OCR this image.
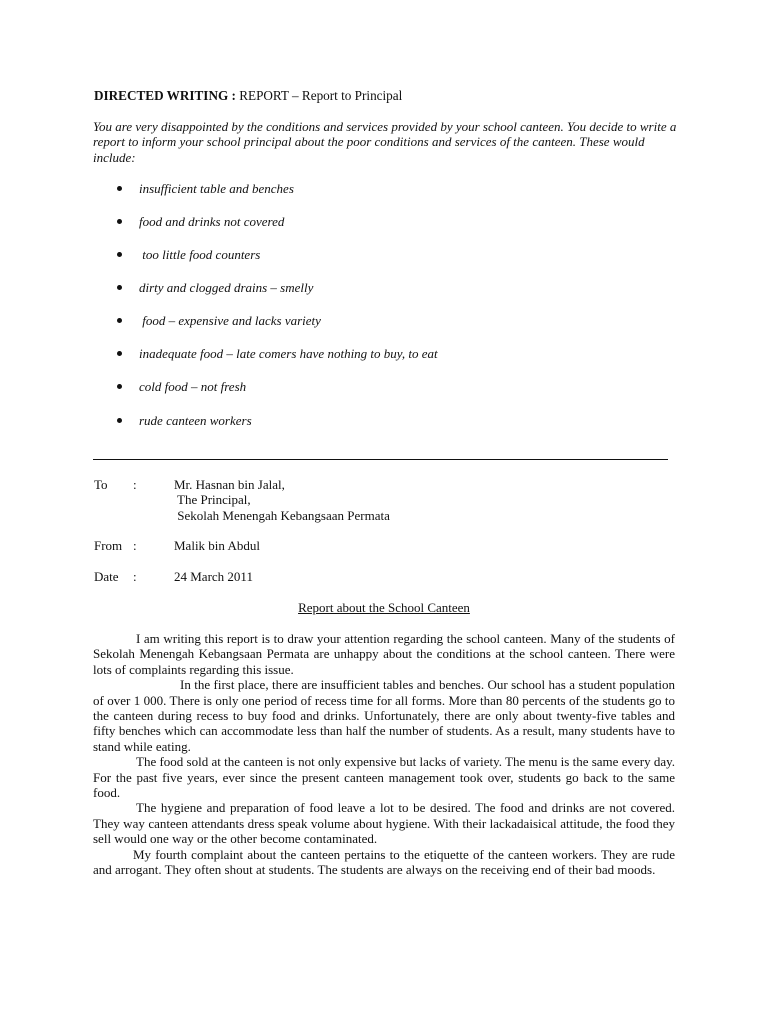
DIRECTED WRITING : REPORT – Report to Principal
You are very disappointed by the conditions and services provided by your school canteen. You decide to write a report to inform your school principal about the poor conditions and services of the canteen. These would include:
insufficient table and benches
food and drinks not covered
too little food counters
dirty and clogged drains – smelly
food – expensive and lacks variety
inadequate food – late comers have nothing to buy, to eat
cold food – not fresh
rude canteen workers
To :	Mr. Hasnan bin Jalal,
The Principal,
Sekolah Menengah Kebangsaan Permata
From :	Malik bin Abdul
Date :	24 March 2011
Report about the School Canteen

I am writing this report is to draw your attention regarding the school canteen. Many of the students of Sekolah Menengah Kebangsaan Permata are unhappy about the conditions at the school canteen. There were lots of complaints regarding this issue.

In the first place, there are insufficient tables and benches. Our school has a student population of over 1 000. There is only one period of recess time for all forms. More than 80 percents of the students go to the canteen during recess to buy food and drinks. Unfortunately, there are only about twenty-five tables and fifty benches which can accommodate less than half the number of students. As a result, many students have to stand while eating.

The food sold at the canteen is not only expensive but lacks of variety. The menu is the same every day. For the past five years, ever since the present canteen management took over, students go back to the same food.

The hygiene and preparation of food leave a lot to be desired. The food and drinks are not covered. They way canteen attendants dress speak volume about hygiene. With their lackadaisical attitude, the food they sell would one way or the other become contaminated.

My fourth complaint about the canteen pertains to the etiquette of the canteen workers. They are rude and arrogant. They often shout at students. The students are always on the receiving end of their bad moods.
